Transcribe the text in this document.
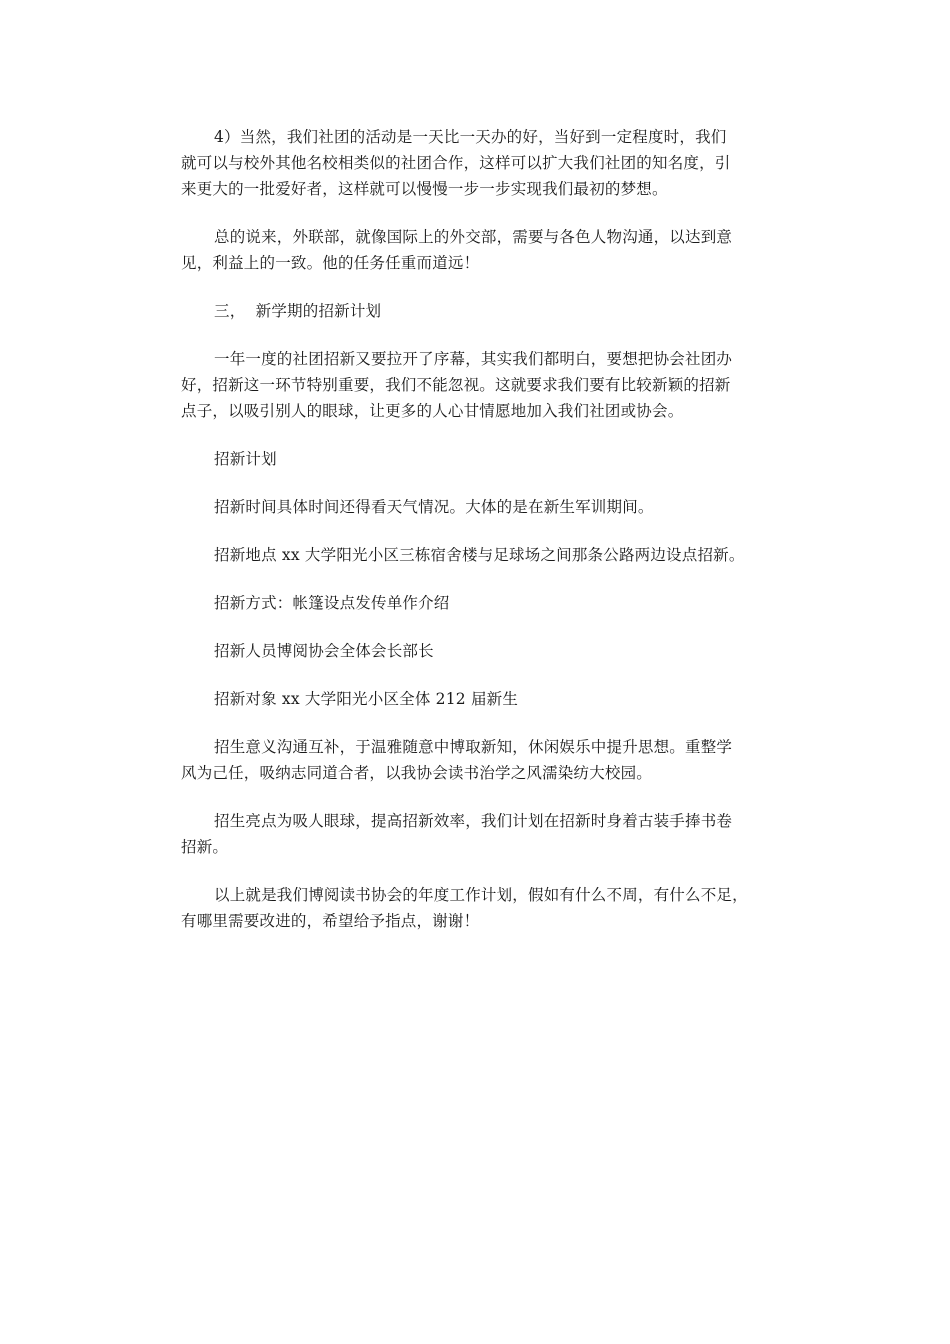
4）当然，我们社团的活动是一天比一天办的好，当好到一定程度时，我们
就可以与校外其他名校相类似的社团合作，这样可以扩大我们社团的知名度，引
来更大的一批爱好者，这样就可以慢慢一步一步实现我们最初的梦想。

总的说来，外联部，就像国际上的外交部，需要与各色人物沟通，以达到意
见，利益上的一致。他的任务任重而道远！

三，  新学期的招新计划

一年一度的社团招新又要拉开了序幕，其实我们都明白，要想把协会社团办
好，招新这一环节特别重要，我们不能忽视。这就要求我们要有比较新颖的招新
点子，以吸引别人的眼球，让更多的人心甘情愿地加入我们社团或协会。

招新计划

招新时间具体时间还得看天气情况。大体的是在新生军训期间。

招新地点 xx 大学阳光小区三栋宿舍楼与足球场之间那条公路两边设点招新。

招新方式：帐篷设点发传单作介绍

招新人员博阅协会全体会长部长

招新对象 xx 大学阳光小区全体 212 届新生

招生意义沟通互补，于温雅随意中博取新知，休闲娱乐中提升思想。重整学
风为己任，吸纳志同道合者，以我协会读书治学之风濡染纺大校园。

招生亮点为吸人眼球，提高招新效率，我们计划在招新时身着古装手捧书卷
招新。

以上就是我们博阅读书协会的年度工作计划，假如有什么不周，有什么不足，
有哪里需要改进的，希望给予指点，谢谢！
